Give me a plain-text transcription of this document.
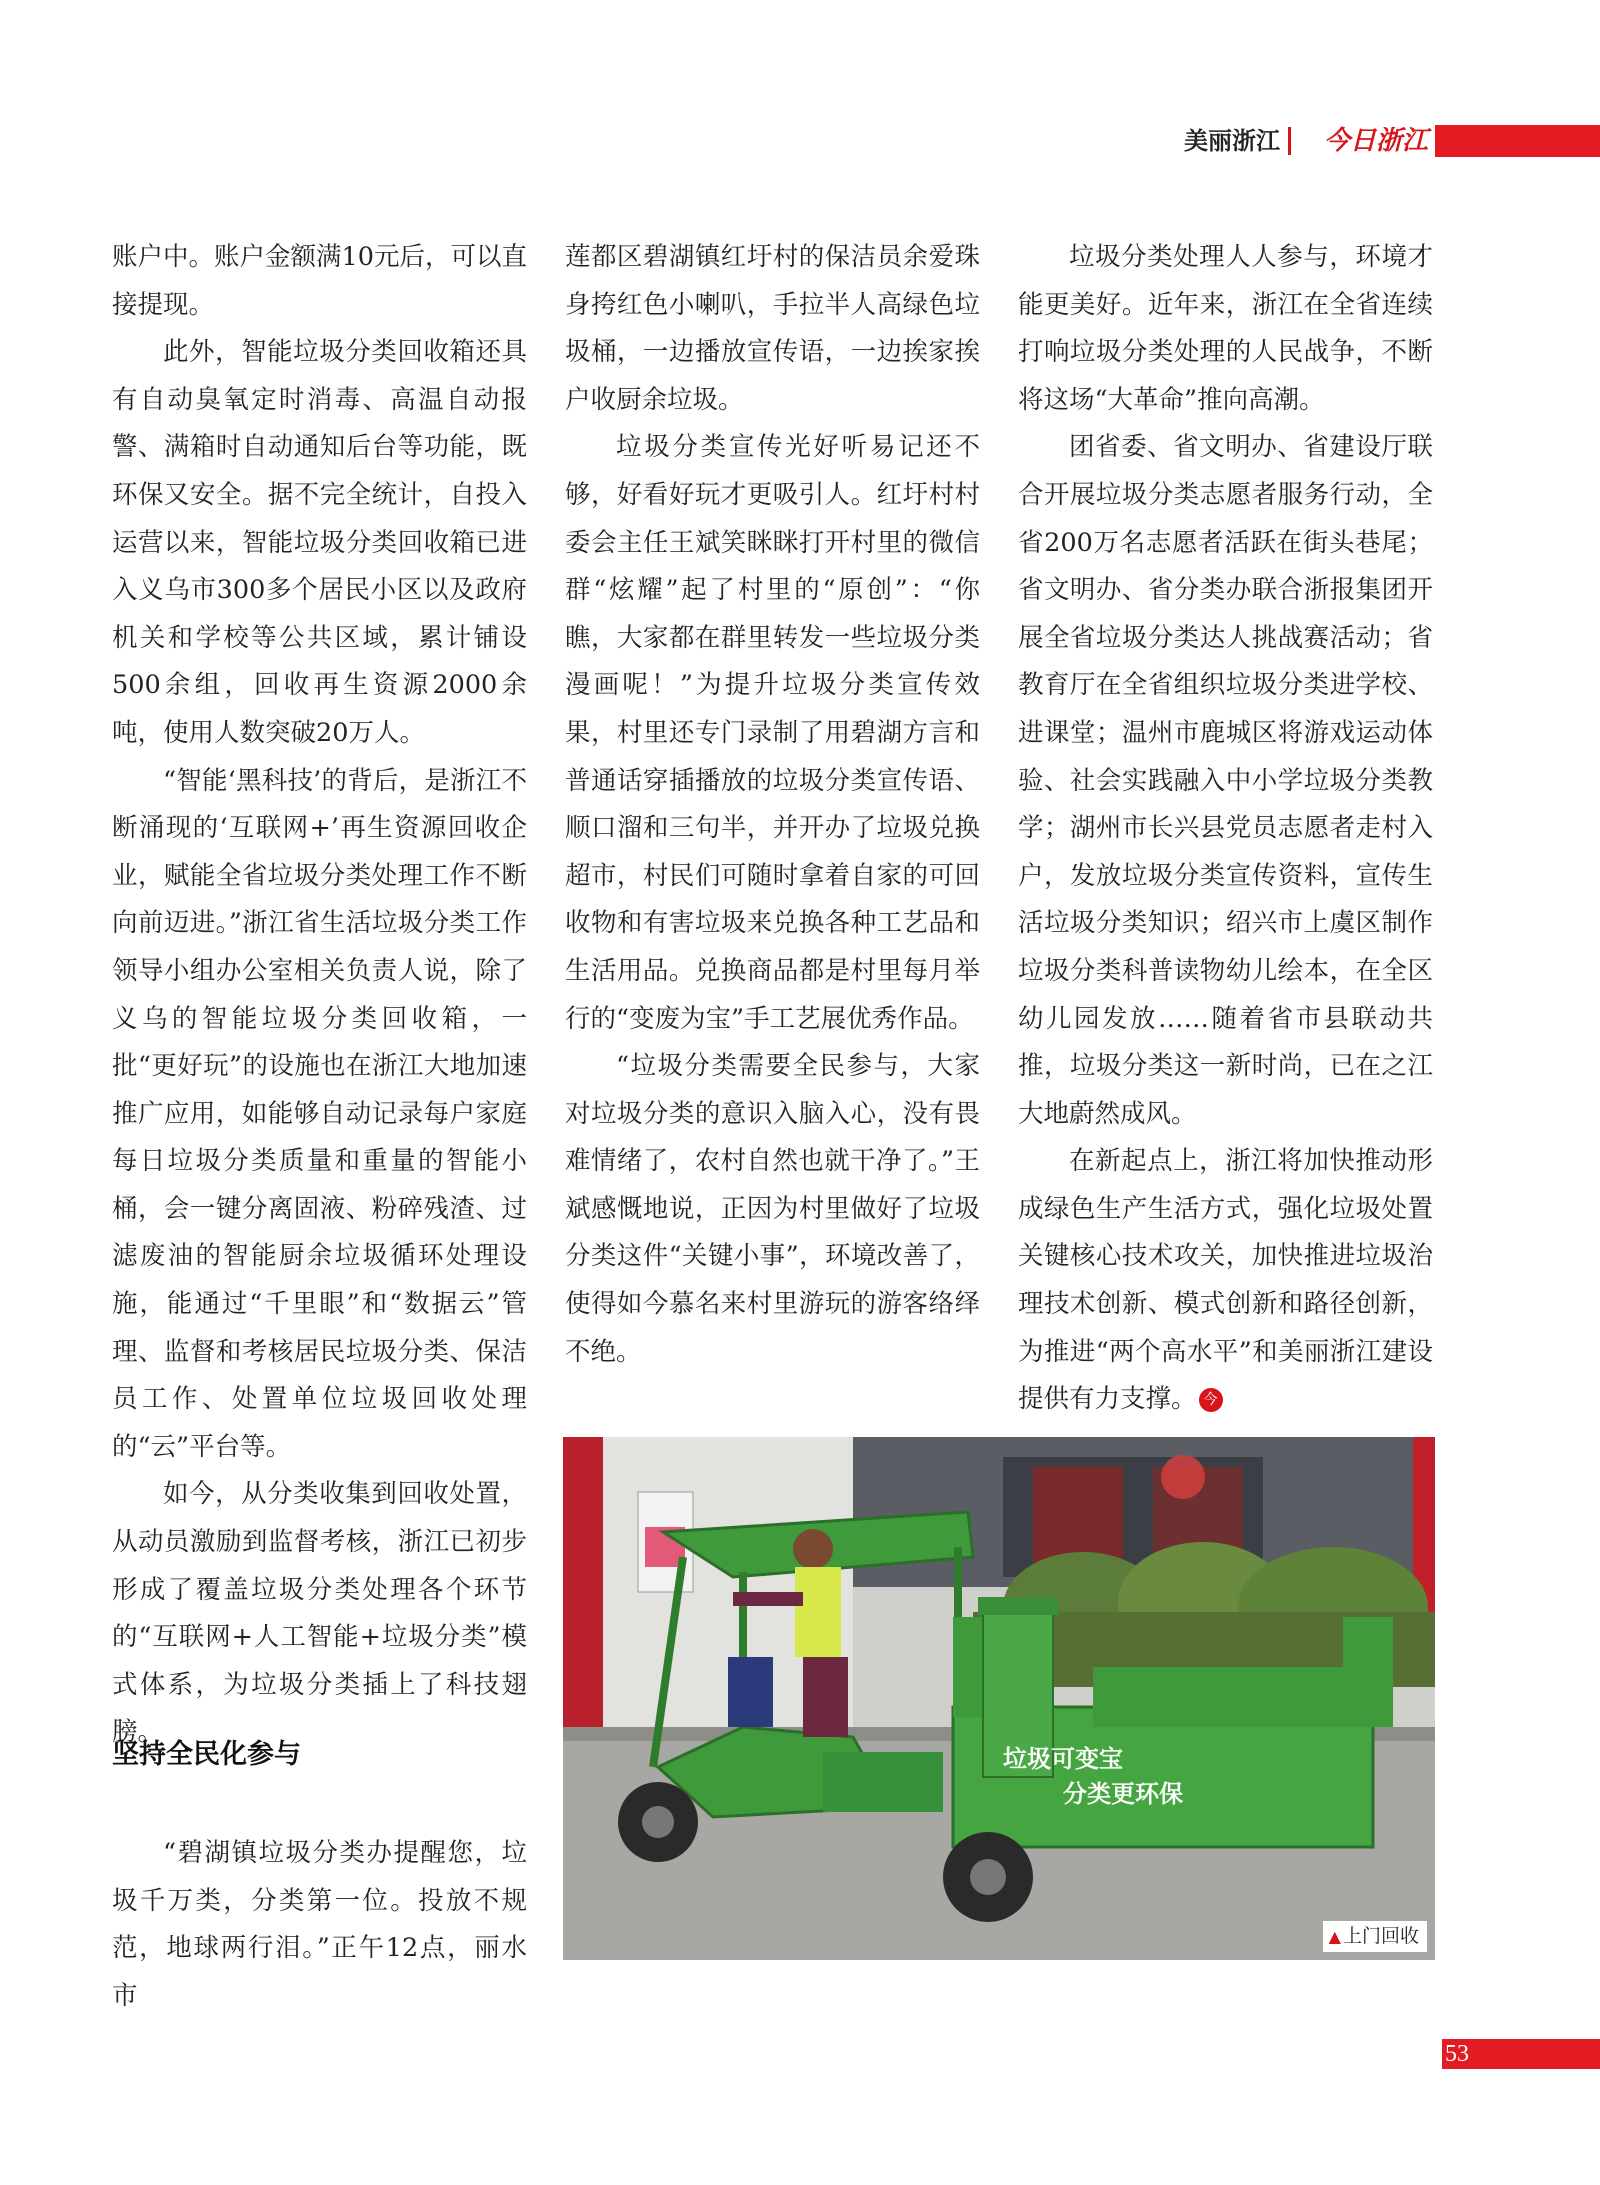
美丽浙江 今日浙江

账户中。账户金额满10元后，可以直接提现。

此外，智能垃圾分类回收箱还具有自动臭氧定时消毒、高温自动报警、满箱时自动通知后台等功能，既环保又安全。据不完全统计，自投入运营以来，智能垃圾分类回收箱已进入义乌市300多个居民小区以及政府机关和学校等公共区域，累计铺设500余组，回收再生资源2000余吨，使用人数突破20万人。

“智能‘黑科技’的背后，是浙江不断涌现的‘互联网+’再生资源回收企业，赋能全省垃圾分类处理工作不断向前迈进。”浙江省生活垃圾分类工作领导小组办公室相关负责人说，除了义乌的智能垃圾分类回收箱，一批“更好玩”的设施也在浙江大地加速推广应用，如能够自动记录每户家庭每日垃圾分类质量和重量的智能小桶，会一键分离固液、粉碎残渣、过滤废油的智能厨余垃圾循环处理设施，能通过“千里眼”和“数据云”管理、监督和考核居民垃圾分类、保洁员工作、处置单位垃圾回收处理的“云”平台等。

如今，从分类收集到回收处置，从动员激励到监督考核，浙江已初步形成了覆盖垃圾分类处理各个环节的“互联网+人工智能+垃圾分类”模式体系，为垃圾分类插上了科技翅膀。

坚持全民化参与

“碧湖镇垃圾分类办提醒您，垃圾千万类，分类第一位。投放不规范，地球两行泪。”正午12点，丽水市

莲都区碧湖镇红圩村的保洁员余爱珠身挎红色小喇叭，手拉半人高绿色垃圾桶，一边播放宣传语，一边挨家挨户收厨余垃圾。

垃圾分类宣传光好听易记还不够，好看好玩才更吸引人。红圩村村委会主任王斌笑眯眯打开村里的微信群“炫耀”起了村里的“原创”：“你瞧，大家都在群里转发一些垃圾分类漫画呢！”为提升垃圾分类宣传效果，村里还专门录制了用碧湖方言和普通话穿插播放的垃圾分类宣传语、顺口溜和三句半，并开办了垃圾兑换超市，村民们可随时拿着自家的可回收物和有害垃圾来兑换各种工艺品和生活用品。兑换商品都是村里每月举行的“变废为宝”手工艺展优秀作品。

“垃圾分类需要全民参与，大家对垃圾分类的意识入脑入心，没有畏难情绪了，农村自然也就干净了。”王斌感慨地说，正因为村里做好了垃圾分类这件“关键小事”，环境改善了，使得如今慕名来村里游玩的游客络绎不绝。

垃圾分类处理人人参与，环境才能更美好。近年来，浙江在全省连续打响垃圾分类处理的人民战争，不断将这场“大革命”推向高潮。

团省委、省文明办、省建设厅联合开展垃圾分类志愿者服务行动，全省200万名志愿者活跃在街头巷尾；省文明办、省分类办联合浙报集团开展全省垃圾分类达人挑战赛活动；省教育厅在全省组织垃圾分类进学校、进课堂；温州市鹿城区将游戏运动体验、社会实践融入中小学垃圾分类教学；湖州市长兴县党员志愿者走村入户，发放垃圾分类宣传资料，宣传生活垃圾分类知识；绍兴市上虞区制作垃圾分类科普读物幼儿绘本，在全区幼儿园发放……随着省市县联动共推，垃圾分类这一新时尚，已在之江大地蔚然成风。

在新起点上，浙江将加快推动形成绿色生产生活方式，强化垃圾处置关键核心技术攻关，加快推进垃圾治理技术创新、模式创新和路径创新，为推进“两个高水平”和美丽浙江建设提供有力支撑。 今

垃圾可变宝
分类更环保
▲ 上门回收
53
